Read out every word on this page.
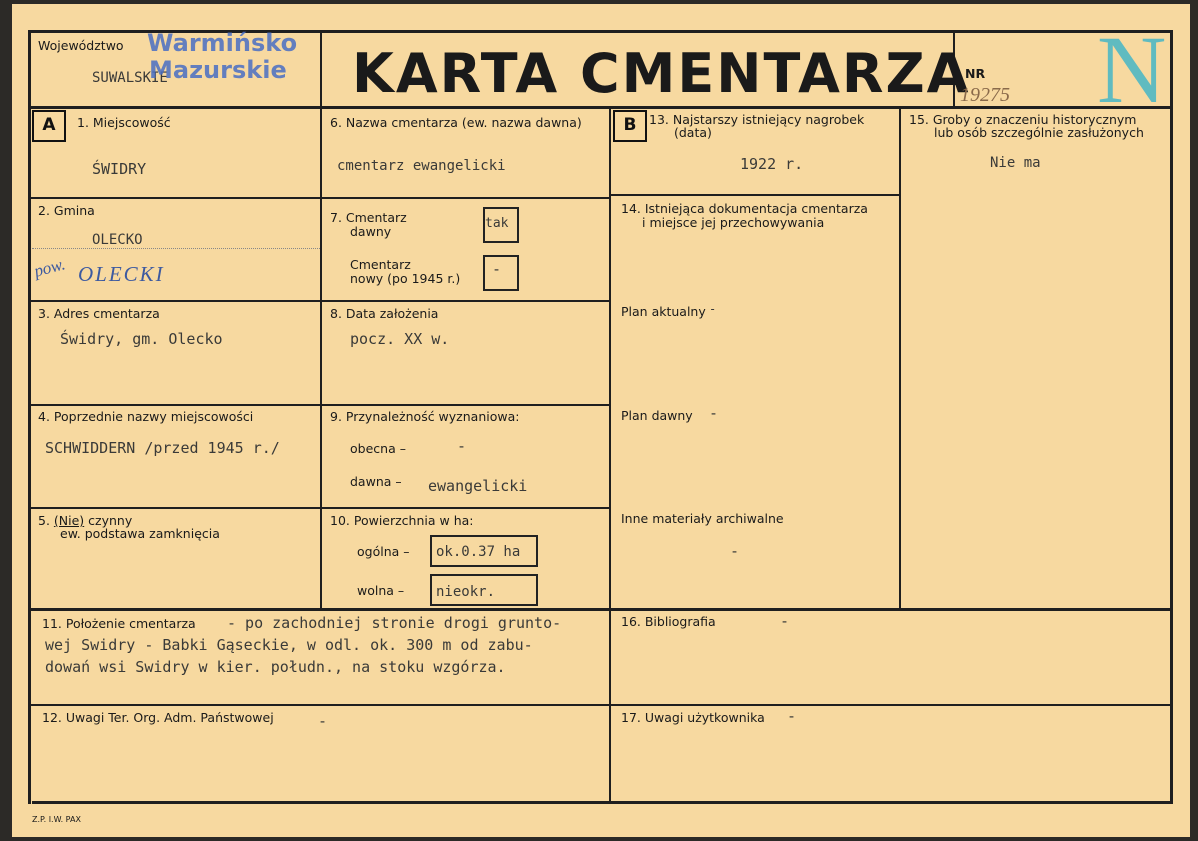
Województwo
SUWALSKIE
Warmińsko
Mazurskie KARTA CMENTARZA
NR
19275 N
A	1. Miejscowość
ŚWIDRY
2. Gmina
OLECKO
pow. OLECKI
3. Adres cmentarza
Świdry, gm. Olecko
4. Poprzednie nazwy miejscowości
SCHWIDDERN /przed 1945 r./
5. (Nie) czynny
ew. podstawa zamknięcia
6. Nazwa cmentarza (ew. nazwa dawna)
cmentarz ewangelicki
7. Cmentarz
dawny
tak
Cmentarz
nowy (po 1945 r.)
-
8. Data założenia
pocz. XX w.
9. Przynależność wyznaniowa:
obecna –	-
dawna – ewangelicki
10. Powierzchnia w ha:
ogólna – ok.0.37 ha
wolna – nieokr.
B	13. Najstarszy istniejący nagrobek
(data)
1922 r.
14. Istniejąca dokumentacja cmentarza
i miejsce jej przechowywania
Plan aktualny -
Plan dawny -
Inne materiały archiwalne
-
15. Groby o znaczeniu historycznym
lub osób szczególnie zasłużonych
Nie ma
11. Położenie cmentarza - po zachodniej stronie drogi grunto-
wej Swidry - Babki Gąseckie, w odl. ok. 300 m od zabu-
dowań wsi Swidry w kier. połudn., na stoku wzgórza.
16. Bibliografia	-
12. Uwagi Ter. Org. Adm. Państwowej	-	17. Uwagi użytkownika -
Z.P. I.W. PAX
